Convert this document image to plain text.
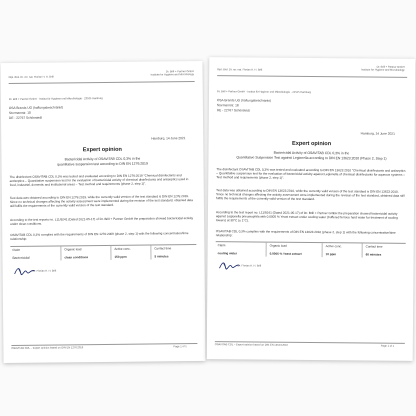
Dipl.-Biol. Dr. rer. nat. Florian H. H. Brill
Dr. Brill + Partner GmbH
Institute for Hygiene and Microbiology
Dr. Brill + Partner GmbH · Institut für Hygiene und Mikrobiologie · 22525 Hamburg
OSA Brands UG (haftungsbeschränkt)
Stormarnstr. 18
DE - 22767 Schönstedt
Hamburg, 14 June 2021
Expert opinion
Bactericidal Activity of OSAVITAB CDL 0,3% in the
quantitative suspension test according to DIN EN 1276:2019
The disinfectant OSAVITAB CDL 0,3% was tested and evaluated according to DIN EN 1276:2019 "Chemical disinfectants and antiseptics – Quantitative suspension test for the evaluation of bactericidal activity of chemical disinfectants and antiseptics used in food, industrial, domestic and institutional areas – Test method and requirements (phase 2, step 1)".
Test data was obtained according to DIN EN 1276:2019, while the currently valid version of the test standard is DIN EN 1276:2019. Since no technical changes affecting the activity assessment were implemented during the revision of the test standard, obtained data still fulfils the requirements of the currently valid version of the test standard.
According to the test reports no. L11/9241 (Dated 2021-05-17) of Dr. Brill + Partner GmbH the preparation showed bactericidal activity under clean conditions.
OSAVITAB CDL 0,3% complies with the requirements of DIN EN 1276:2009 (phase 2, step 1) with the following concentration/time relationship:
Claim	Organic load	Active conc.	Contact time
Bactericidal	clean conditions	150 ppm	5 minutes
Dr. Florian H. H. Brill
OSAVITAB CDL – Expert opinion based on DIN EN 1276:2019	Page 1 of 1
Dipl.-Biol. Dr. rer. nat. Florian H. H. Brill
Dr. Brill + Partner GmbH
Institute for Hygiene and Microbiology
Dr. Brill + Partner GmbH · Institut für Hygiene und Mikrobiologie · 22525 Hamburg
OSA Brands UG (haftungsbeschränkt)
Stormarnstr. 18
DE - 22767 Schönstedt
Hamburg, 14 June 2021
Expert opinion
Bactericidal Activity of OSAVITAB CDL 0,3% in the
Quantitative Suspension Test against Legionella according to DIN EN 13623:2010 (Phase 2, Step 1)
The disinfectant OSAVITAB CDL 0,3% was tested and evaluated according to DIN EN 13623:2010 "Chemical disinfectants and antiseptics – Quantitative suspension test for the evaluation of bactericidal activity against Legionella of chemical disinfectants for aqueous systems – Test method and requirements (phase 2, step 1)".
Test data was obtained according to DIN EN 13623:2010, while the currently valid version of the test standard is DIN EN 13623:2010. Since no technical changes affecting the activity assessment were implemented during the revision of the test standard, obtained data still fulfils the requirements of the currently valid version of the test standard.
According to the test report no. L11/9241 (Dated 2021-05-17) of Dr. Brill + Partner GmbH the preparation showed bactericidal activity against Legionella pneumophila with 0.0005 % Yeast extract under cooling water (buffered ferrous hard water for treatment of cooling towers) at 30°C (± 1°C).
OSAVITAB CDL 0,3% complies with the requirements of DIN EN 13623:2010 (phase 2, step 1) with the following concentration/time relationship:
Claim	Organic load	Active conc.	Contact time
cooling water	0.0005 % Yeast extract	10 ppm	60 minutes
Dr. Florian H. H. Brill
OSAVITAB CDL – Expert opinion based on DIN EN 13623:2010	Page 1 of 1
